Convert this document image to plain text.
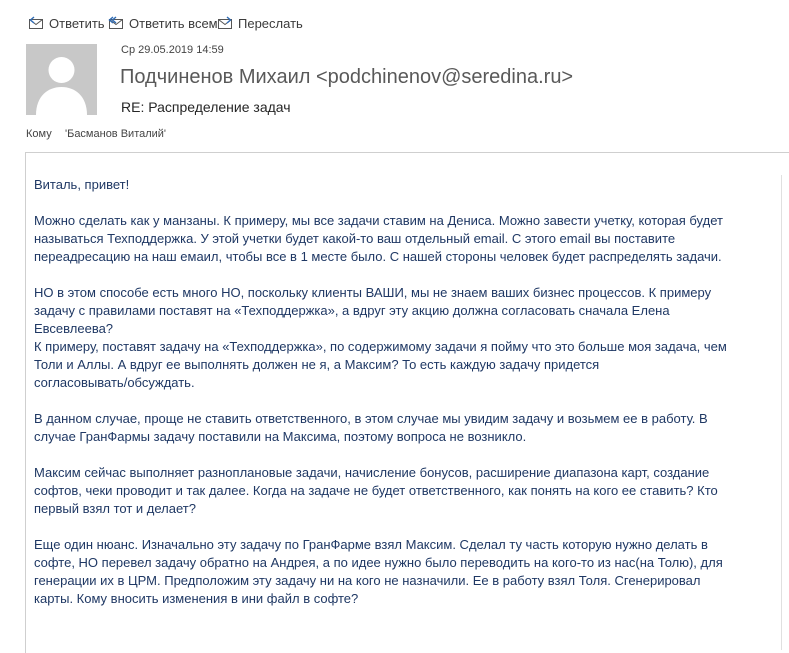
Ответить Ответить всем Переслать
Ср 29.05.2019 14:59
Подчиненов Михаил <podchinenov@seredina.ru>
RE: Распределение задач
Кому	'Басманов Виталий'

Виталь, привет!

Можно сделать как у манзаны. К примеру, мы все задачи ставим на Дениса. Можно завести учетку, которая будет
называться Техподдержка. У этой учетки будет какой-то ваш отдельный email. С этого email вы поставите
переадресацию на наш емаил, чтобы все в 1 месте было. С нашей стороны человек будет распределять задачи.

НО в этом способе есть много НО, поскольку клиенты ВАШИ, мы не знаем ваших бизнес процессов. К примеру
задачу с правилами поставят на «Техподдержка», а вдруг эту акцию должна согласовать сначала Елена
Евсевлеева?
К примеру, поставят задачу на «Техподдержка», по содержимому задачи я пойму что это больше моя задача, чем
Толи и Аллы. А вдруг ее выполнять должен не я, а Максим? То есть каждую задачу придется
согласовывать/обсуждать.

В данном случае, проще не ставить ответственного, в этом случае мы увидим задачу и возьмем ее в работу. В
случае ГранФармы задачу поставили на Максима, поэтому вопроса не возникло.

Максим сейчас выполняет разноплановые задачи, начисление бонусов, расширение диапазона карт, создание
софтов, чеки проводит и так далее. Когда на задаче не будет ответственного, как понять на кого ее ставить? Кто
первый взял тот и делает?

Еще один нюанс. Изначально эту задачу по ГранФарме взял Максим. Сделал ту часть которую нужно делать в
софте, НО перевел задачу обратно на Андрея, а по идее нужно было переводить на кого-то из нас(на Толю), для
генерации их в ЦРМ. Предположим эту задачу ни на кого не назначили. Ее в работу взял Толя. Сгенерировал
карты. Кому вносить изменения в ини файл в софте?
